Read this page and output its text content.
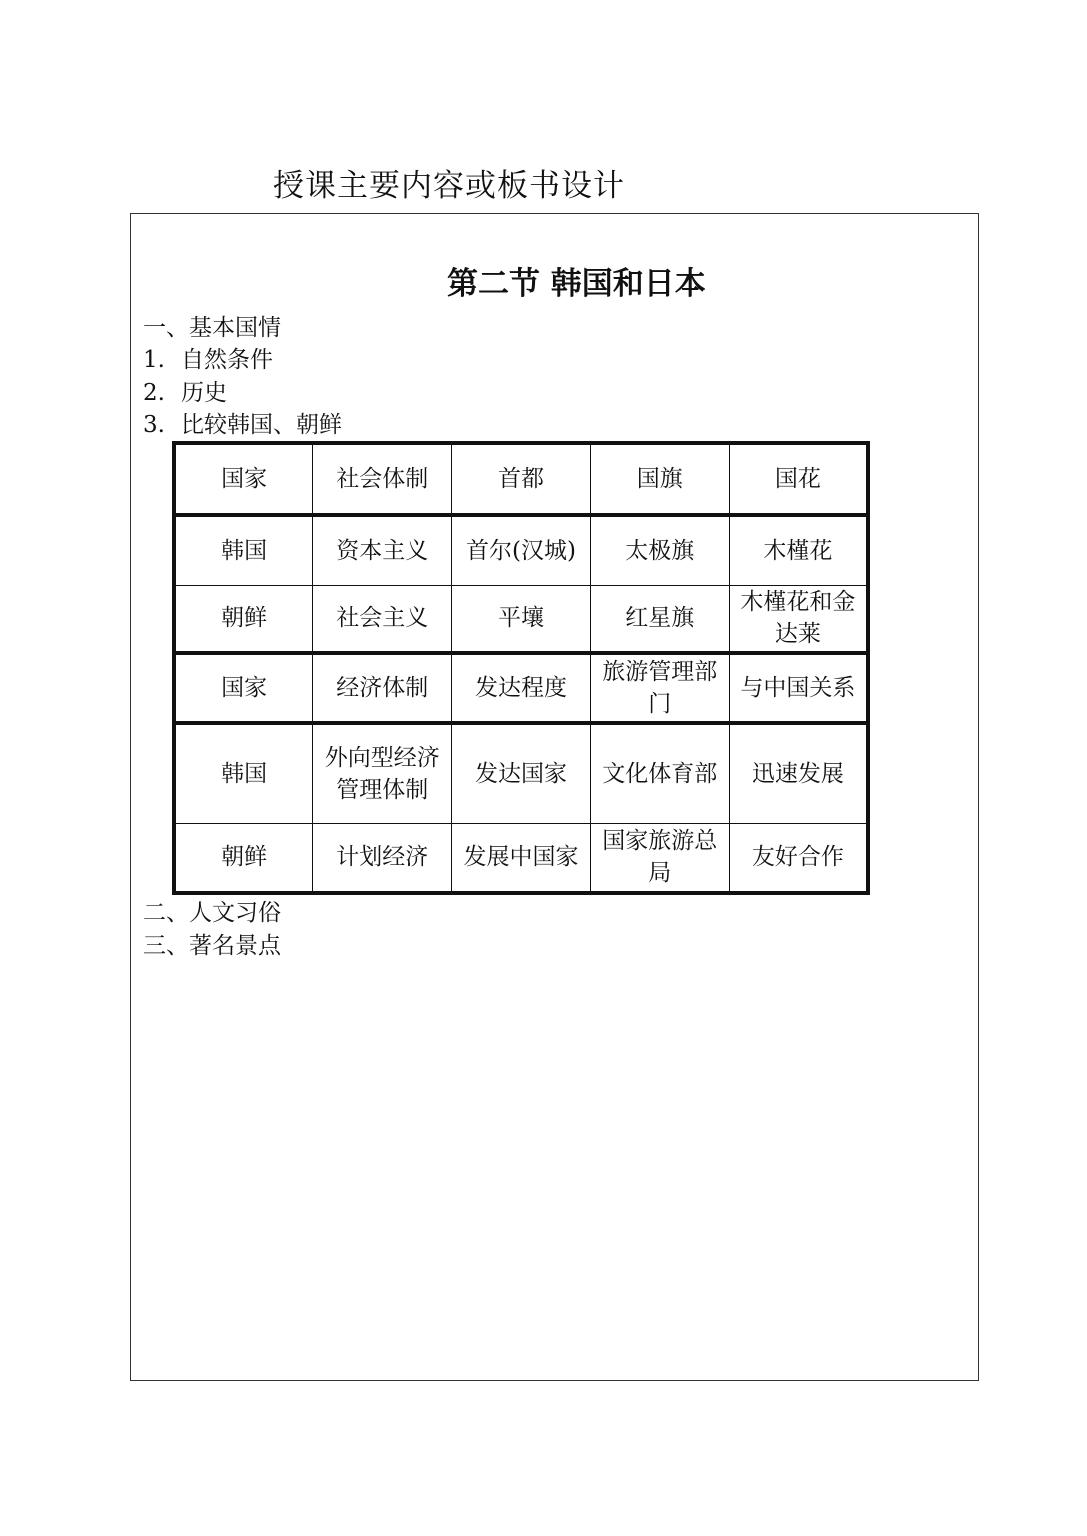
授课主要内容或板书设计
第二节 韩国和日本
一、基本国情
1. 自然条件
2. 历史
3. 比较韩国、朝鲜
国家	社会体制	首都	国旗	国花
韩国	资本主义	首尔(汉城)	太极旗	木槿花
朝鲜	社会主义	平壤	红星旗	木槿花和金达莱
国家	经济体制	发达程度	旅游管理部门	与中国关系
韩国	外向型经济管理体制	发达国家	文化体育部	迅速发展
朝鲜	计划经济	发展中国家	国家旅游总局	友好合作
二、人文习俗
三、著名景点
